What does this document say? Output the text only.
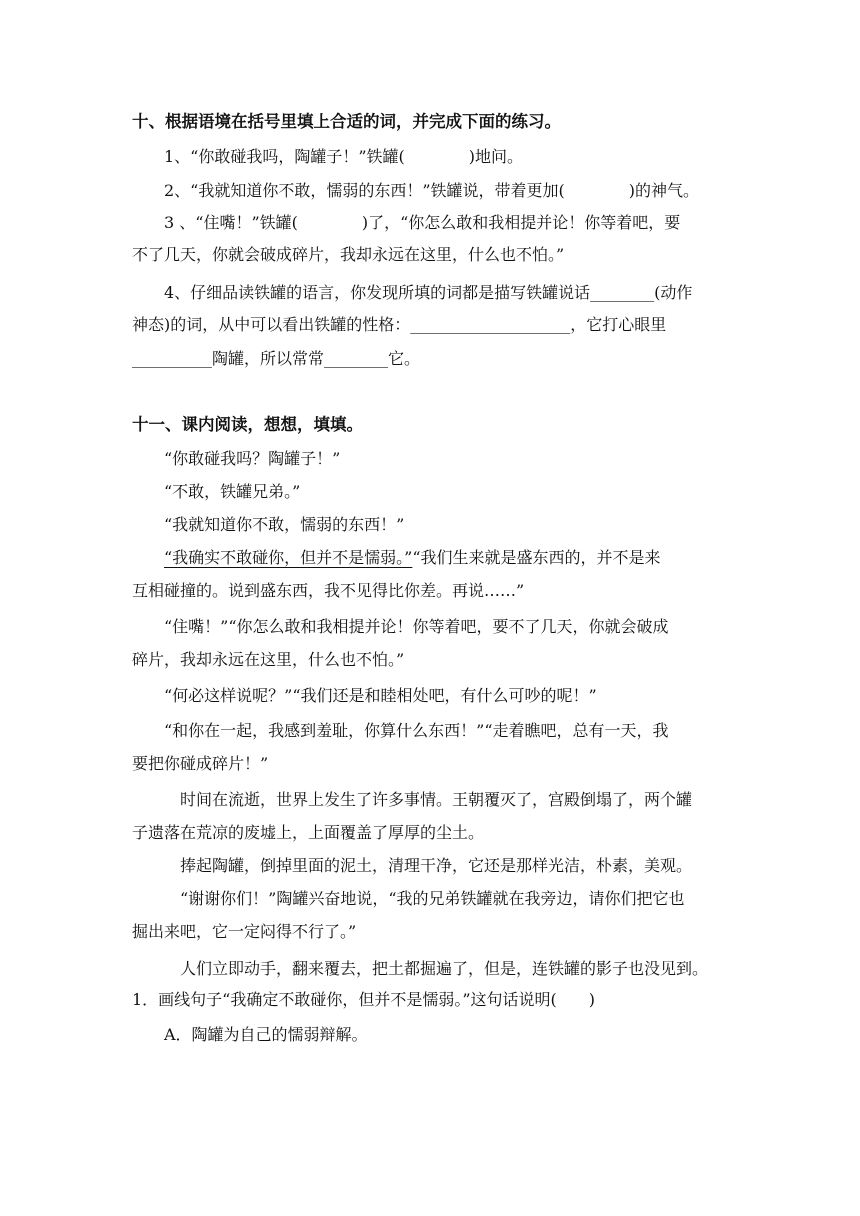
十、根据语境在括号里填上合适的词，并完成下面的练习。
1、“你敢碰我吗，陶罐子！”铁罐(　　　　)地问。
2、“我就知道你不敢，懦弱的东西！”铁罐说，带着更加(　　　　)的神气。
3 、“住嘴！”铁罐(　　　　)了，“你怎么敢和我相提并论！你等着吧，要
不了几天，你就会破成碎片，我却永远在这里，什么也不怕。”
4、仔细品读铁罐的语言，你发现所填的词都是描写铁罐说话________(动作
神态)的词，从中可以看出铁罐的性格：____________________，它打心眼里
__________陶罐，所以常常________它。
十一、课内阅读，想想，填填。
“你敢碰我吗？陶罐子！”
“不敢，铁罐兄弟。”
“我就知道你不敢，懦弱的东西！”
“我确实不敢碰你，但并不是懦弱。”“我们生来就是盛东西的，并不是来
互相碰撞的。说到盛东西，我不见得比你差。再说……”
“住嘴！”“你怎么敢和我相提并论！你等着吧，要不了几天，你就会破成
碎片，我却永远在这里，什么也不怕。”
“何必这样说呢？”“我们还是和睦相处吧，有什么可吵的呢！”
“和你在一起，我感到羞耻，你算什么东西！”“走着瞧吧，总有一天，我
要把你碰成碎片！”
时间在流逝，世界上发生了许多事情。王朝覆灭了，宫殿倒塌了，两个罐
子遗落在荒凉的废墟上，上面覆盖了厚厚的尘土。
捧起陶罐，倒掉里面的泥土，清理干净，它还是那样光洁，朴素，美观。
“谢谢你们！”陶罐兴奋地说，“我的兄弟铁罐就在我旁边，请你们把它也
掘出来吧，它一定闷得不行了。”
人们立即动手，翻来覆去，把土都掘遍了，但是，连铁罐的影子也没见到。
1．画线句子“我确定不敢碰你，但并不是懦弱。”这句话说明(　　)
A．陶罐为自己的懦弱辩解。
